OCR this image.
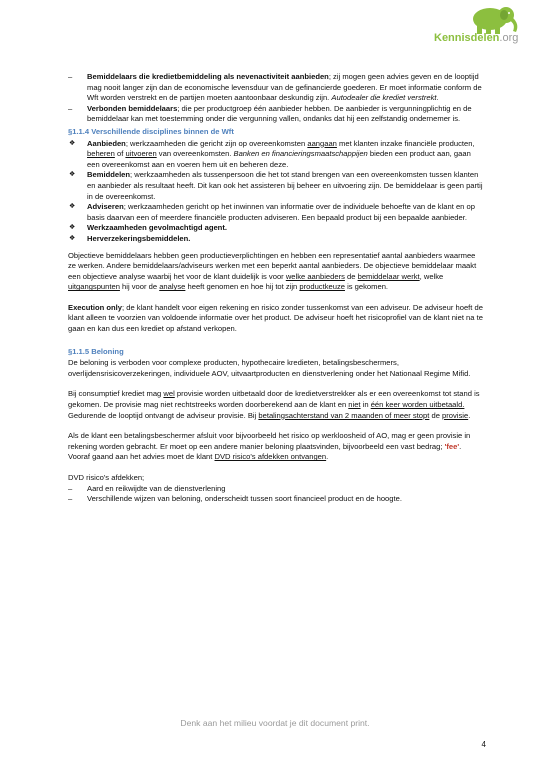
Kennisdelen.org
– Bemiddelaars die kredietbemiddeling als nevenactiviteit aanbieden; zij mogen geen advies geven en de looptijd mag nooit langer zijn dan de economische levensduur van de gefinancierde goederen. Er moet informatie conform de Wft worden verstrekt en de partijen moeten aantoonbaar deskundig zijn. Autodealer die krediet verstrekt.

– Verbonden bemiddelaars; die per productgroep één aanbieder hebben. De aanbieder is vergunningplichtig en de bemiddelaar kan met toestemming onder die vergunning vallen, ondanks dat hij een zelfstandig ondernemer is.

§1.1.4 Verschillende disciplines binnen de Wft

❖ Aanbieden; werkzaamheden die gericht zijn op overeenkomsten aangaan met klanten inzake financiële producten, beheren of uitvoeren van overeenkomsten. Banken en financieringsmaatschappijen bieden een product aan, gaan een overeenkomst aan en voeren hem uit en beheren deze.

❖ Bemiddelen; werkzaamheden als tussenpersoon die het tot stand brengen van een overeenkomsten tussen klanten en aanbieder als resultaat heeft. Dit kan ook het assisteren bij beheer en uitvoering zijn. De bemiddelaar is geen partij in de overeenkomst.

❖ Adviseren; werkzaamheden gericht op het inwinnen van informatie over de individuele behoefte van de klant en op basis daarvan een of meerdere financiële producten adviseren. Een bepaald product bij een bepaalde aanbieder.

❖ Werkzaamheden gevolmachtigd agent.

❖ Herverzekeringsbemiddelen.

Objectieve bemiddelaars hebben geen productieverplichtingen en hebben een representatief aantal aanbieders waarmee ze werken. Andere bemiddelaars/adviseurs werken met een beperkt aantal aanbieders. De objectieve bemiddelaar maakt een objectieve analyse waarbij het voor de klant duidelijk is voor welke aanbieders de bemiddelaar werkt, welke uitgangspunten hij voor de analyse heeft genomen en hoe hij tot zijn productkeuze is gekomen.

Execution only; de klant handelt voor eigen rekening en risico zonder tussenkomst van een adviseur. De adviseur hoeft de klant alleen te voorzien van voldoende informatie over het product. De adviseur hoeft het risicoprofiel van de klant niet na te gaan en kan dus een krediet op afstand verkopen.

§1.1.5 Beloning

De beloning is verboden voor complexe producten, hypothecaire kredieten, betalingsbeschermers, overlijdensrisicoverzekeringen, individuele AOV, uitvaartproducten en dienstverlening onder het Nationaal Regime Mifid.

Bij consumptief krediet mag wel provisie worden uitbetaald door de kredietverstrekker als er een overeenkomst tot stand is gekomen. De provisie mag niet rechtstreeks worden doorberekend aan de klant en niet in één keer worden uitbetaald. Gedurende de looptijd ontvangt de adviseur provisie. Bij betalingsachterstand van 2 maanden of meer stopt de provisie.

Als de klant een betalingsbeschermer afsluit voor bijvoorbeeld het risico op werkloosheid of AO, mag er geen provisie in rekening worden gebracht. Er moet op een andere manier beloning plaatsvinden, bijvoorbeeld een vast bedrag; 'fee'. Vooraf gaand aan het advies moet de klant DVD risico's afdekken ontvangen.

DVD risico's afdekken;

– Aard en reikwijdte van de dienstverlening

– Verschillende wijzen van beloning, onderscheidt tussen soort financieel product en de hoogte.

Denk aan het milieu voordat je dit document print.
4
